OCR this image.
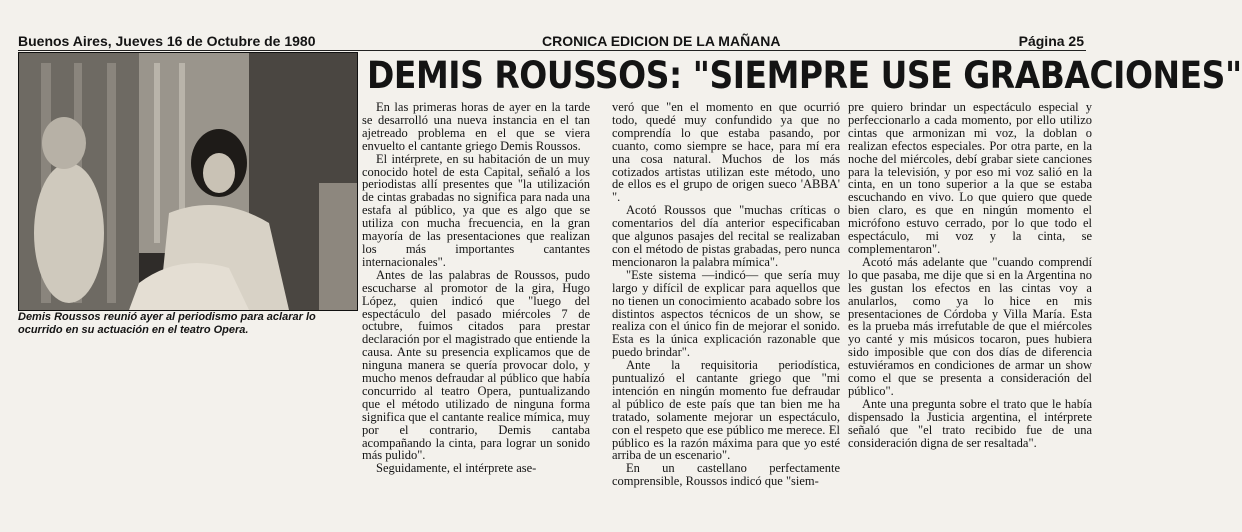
Buenos Aires, Jueves 16 de Octubre de 1980	CRONICA EDICION DE LA MAÑANA	Página 25
Demis Roussos reunió ayer al periodismo para aclarar lo ocurrido en su actuación en el teatro Opera.
DEMIS ROUSSOS: "SIEMPRE USE GRABACIONES"

En las primeras horas de ayer en la tarde se desarrolló una nueva instancia en el tan ajetreado problema en el que se viera envuelto el cantante griego Demis Roussos.

El intérprete, en su habitación de un muy conocido hotel de esta Capital, señaló a los periodistas allí presentes que "la utilización de cintas grabadas no significa para nada una estafa al público, ya que es algo que se utiliza con mucha frecuencia, en la gran mayoría de las presentaciones que realizan los más importantes cantantes internacionales".

Antes de las palabras de Roussos, pudo escucharse al promotor de la gira, Hugo López, quien indicó que "luego del espectáculo del pasado miércoles 7 de octubre, fuimos citados para prestar declaración por el magistrado que entiende la causa. Ante su presencia explicamos que de ninguna manera se quería provocar dolo, y mucho menos defraudar al público que había concurrido al teatro Opera, puntualizando que el método utilizado de ninguna forma significa que el cantante realice mímica, muy por el contrario, Demis cantaba acompañando la cinta, para lograr un sonido más pulido".

Seguidamente, el intérprete ase-

veró que "en el momento en que ocurrió todo, quedé muy confundido ya que no comprendía lo que estaba pasando, por cuanto, como siempre se hace, para mí era una cosa natural. Muchos de los más cotizados artistas utilizan este método, uno de ellos es el grupo de origen sueco 'ABBA' ".

Acotó Roussos que "muchas críticas o comentarios del día anterior especificaban que algunos pasajes del recital se realizaban con el método de pistas grabadas, pero nunca mencionaron la palabra mímica".

"Este sistema —indicó— que sería muy largo y difícil de explicar para aquellos que no tienen un conocimiento acabado sobre los distintos aspectos técnicos de un show, se realiza con el único fin de mejorar el sonido. Esta es la única explicación razonable que puedo brindar".

Ante la requisitoria periodística, puntualizó el cantante griego que "mi intención en ningún momento fue defraudar al público de este país que tan bien me ha tratado, solamente mejorar un espectáculo, con el respeto que ese público me merece. El público es la razón máxima para que yo esté arriba de un escenario".

En un castellano perfectamente comprensible, Roussos indicó que "siem-

pre quiero brindar un espectáculo especial y perfeccionarlo a cada momento, por ello utilizo cintas que armonizan mi voz, la doblan o realizan efectos especiales. Por otra parte, en la noche del miércoles, debí grabar siete canciones para la televisión, y por eso mi voz salió en la cinta, en un tono superior a la que se estaba escuchando en vivo. Lo que quiero que quede bien claro, es que en ningún momento el micrófono estuvo cerrado, por lo que todo el espectáculo, mi voz y la cinta, se complementaron".

Acotó más adelante que "cuando comprendí lo que pasaba, me dije que si en la Argentina no les gustan los efectos en las cintas voy a anularlos, como ya lo hice en mis presentaciones de Córdoba y Villa María. Esta es la prueba más irrefutable de que el miércoles yo canté y mis músicos tocaron, pues hubiera sido imposible que con dos días de diferencia estuviéramos en condiciones de armar un show como el que se presenta a consideración del público".

Ante una pregunta sobre el trato que le había dispensado la Justicia argentina, el intérprete señaló que "el trato recibido fue de una consideración digna de ser resaltada".
